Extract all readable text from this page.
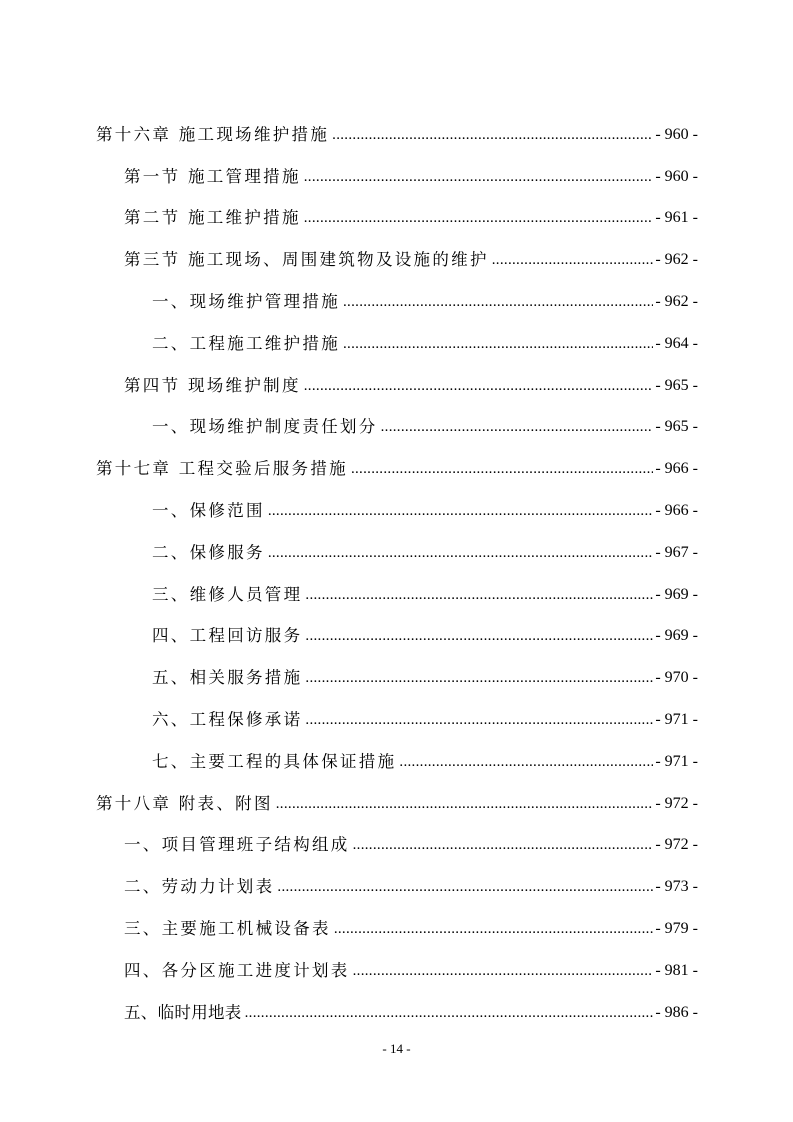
第十六章 施工现场维护措施 .....	- 960 -
第一节 施工管理措施 .....	- 960 -
第二节 施工维护措施 .....	- 961 -
第三节 施工现场、周围建筑物及设施的维护 .....	- 962 -
一、现场维护管理措施 .....	- 962 -
二、工程施工维护措施 .....	- 964 -
第四节 现场维护制度 .....	- 965 -
一、现场维护制度责任划分 .....	- 965 -
第十七章 工程交验后服务措施 .....	- 966 -
一、保修范围 .....	- 966 -
二、保修服务 .....	- 967 -
三、维修人员管理 .....	- 969 -
四、工程回访服务 .....	- 969 -
五、相关服务措施 .....	- 970 -
六、工程保修承诺 .....	- 971 -
七、主要工程的具体保证措施 .....	- 971 -
第十八章 附表、附图 .....	- 972 -
一、项目管理班子结构组成 .....	- 972 -
二、劳动力计划表 .....	- 973 -
三、主要施工机械设备表 .....	- 979 -
四、各分区施工进度计划表 .....	- 981 -
五、临时用地表 .....	- 986 -
- 14 -
